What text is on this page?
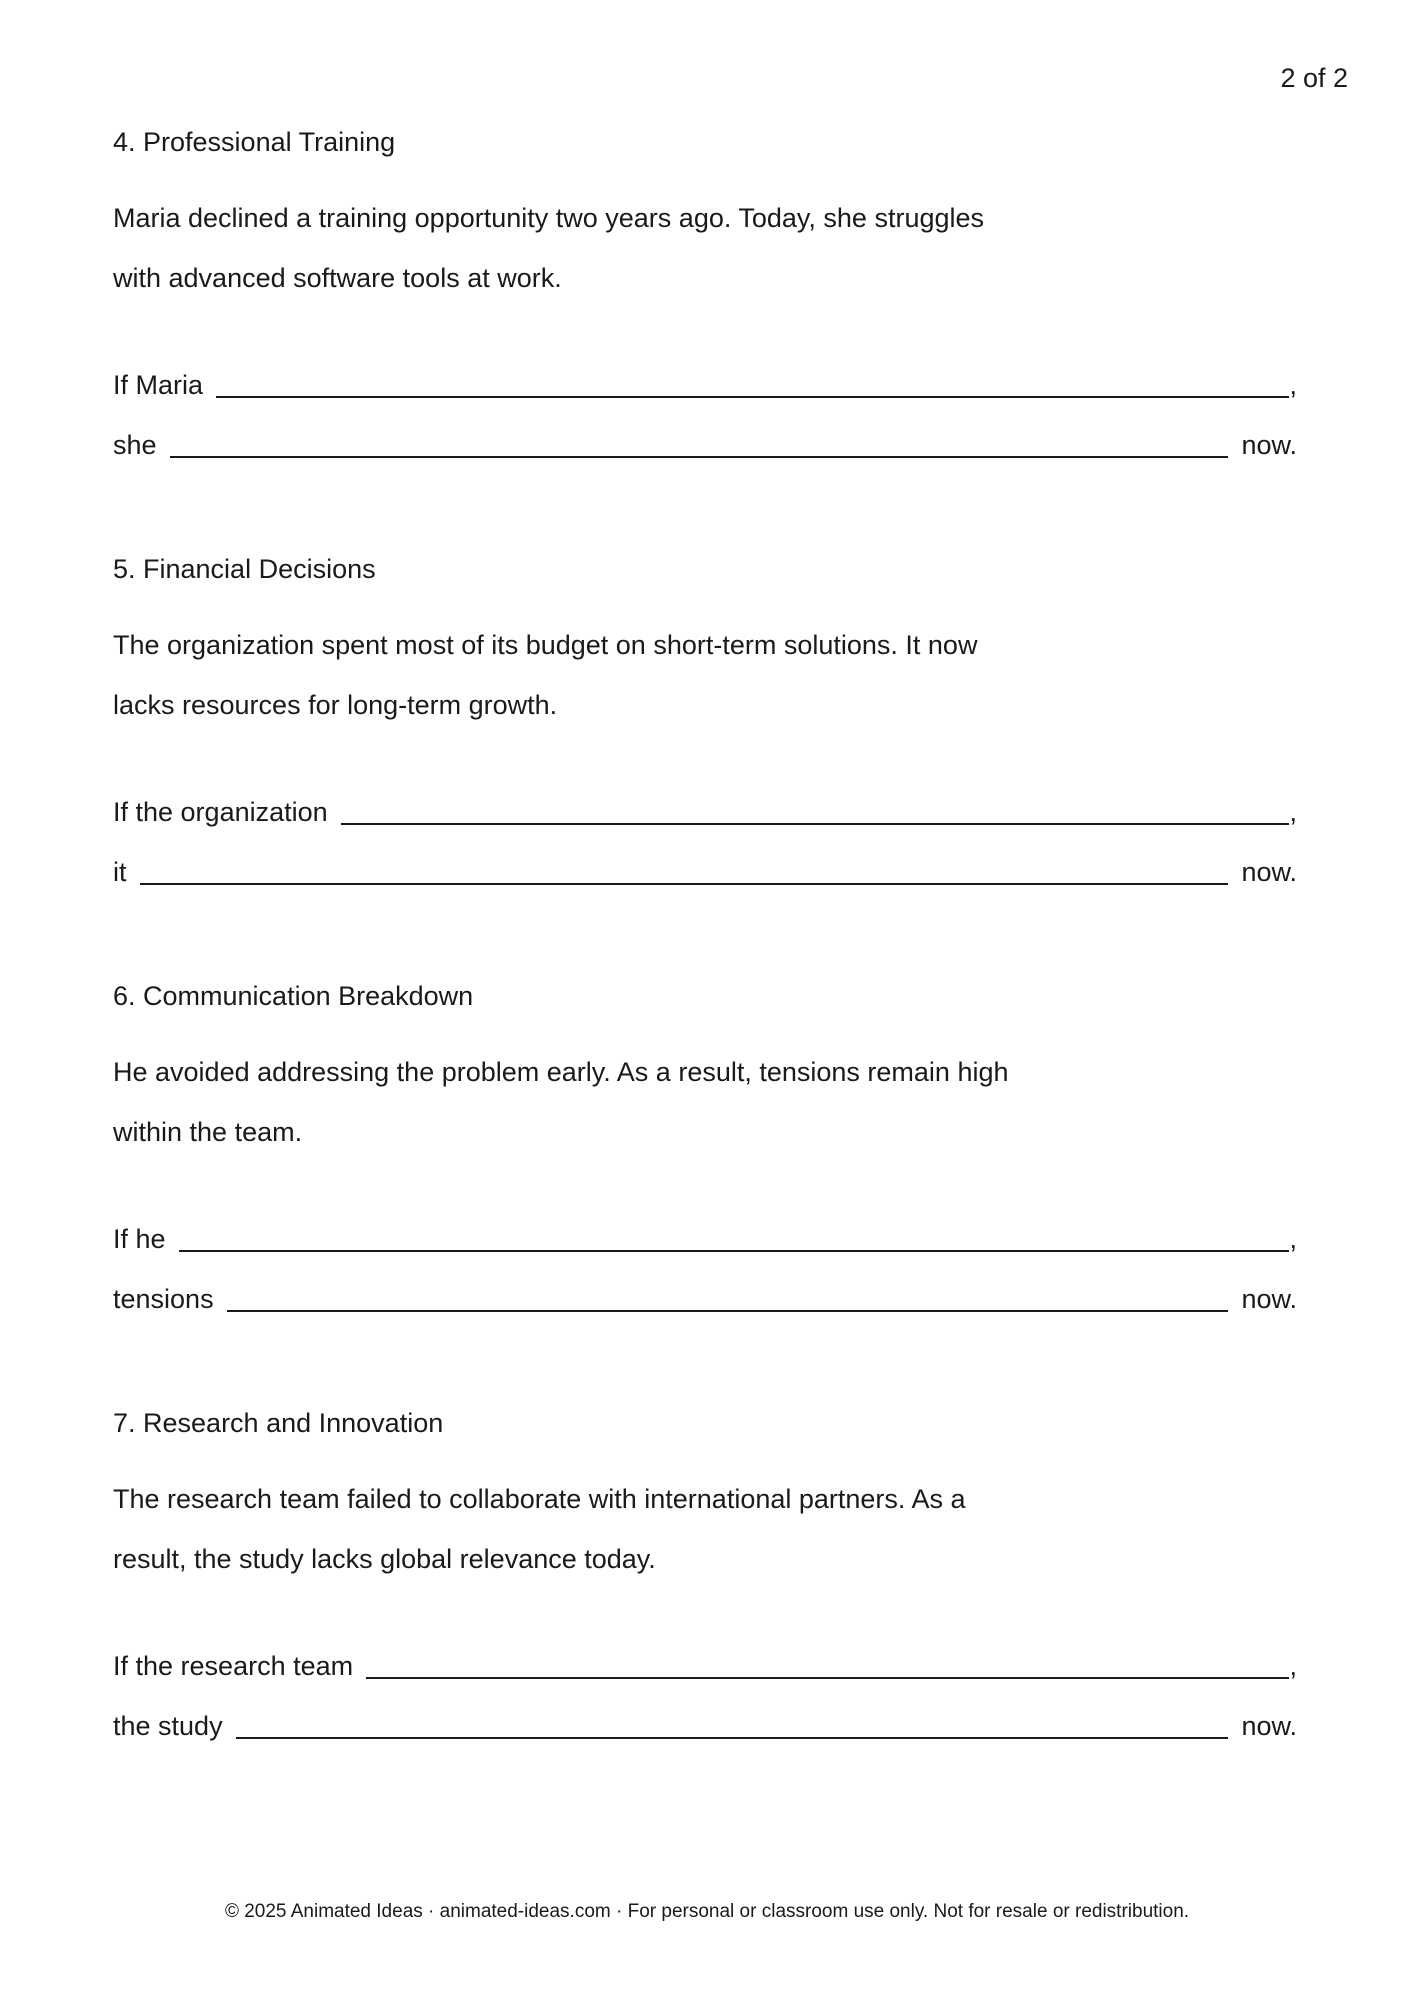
2 of 2
4. Professional Training

Maria declined a training opportunity two years ago. Today, she struggles
with advanced software tools at work.

If Maria	,
she	now.
5. Financial Decisions

The organization spent most of its budget on short-term solutions. It now
lacks resources for long-term growth.

If the organization	,
it	now.
6. Communication Breakdown

He avoided addressing the problem early. As a result, tensions remain high
within the team.

If he	,
tensions	now.
7. Research and Innovation

The research team failed to collaborate with international partners. As a
result, the study lacks global relevance today.

If the research team	,
the study	now.
© 2025 Animated Ideas · animated-ideas.com · For personal or classroom use only. Not for resale or redistribution.
